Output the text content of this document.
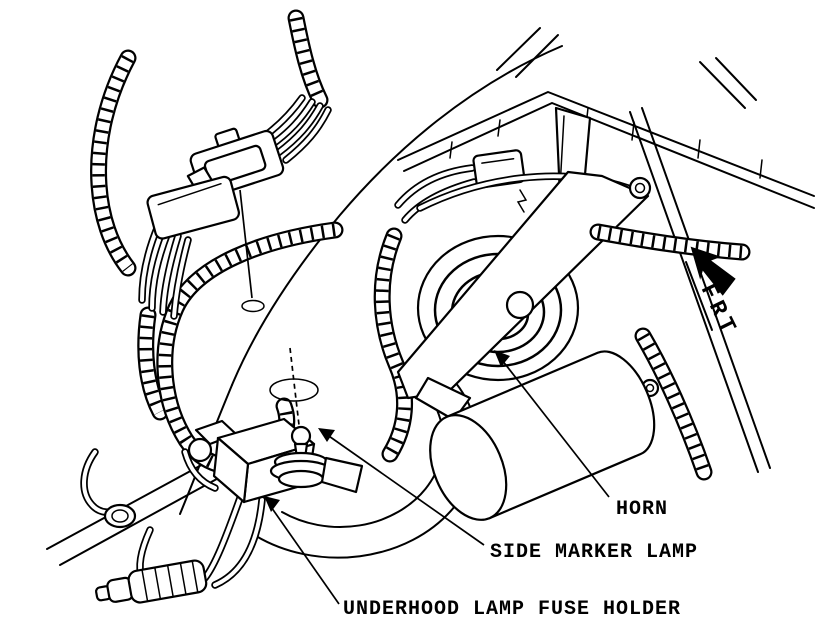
HORN
SIDE MARKER LAMP
UNDERHOOD LAMP FUSE HOLDER
FRT
